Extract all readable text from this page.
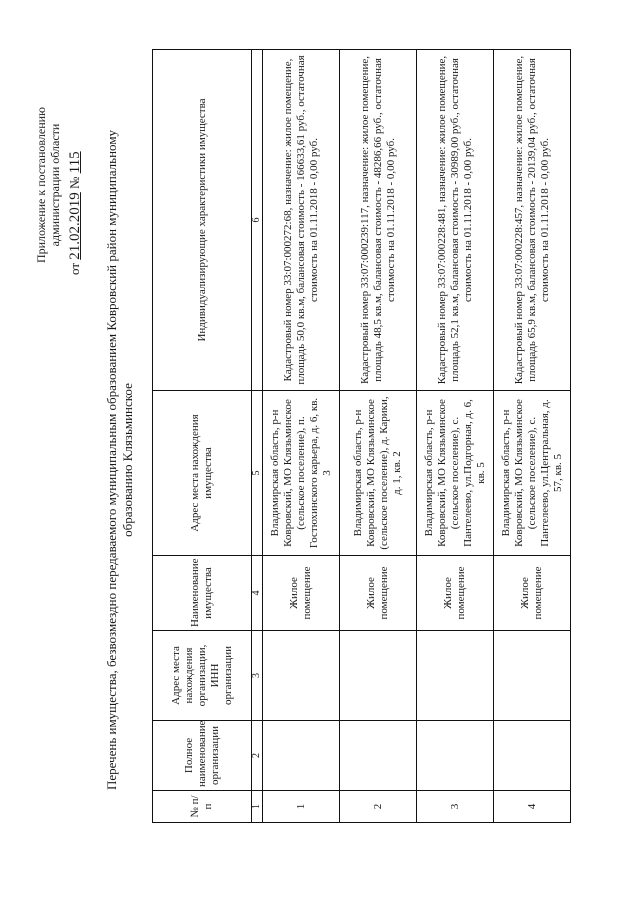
Приложение к постановлению администрации области
от 21.02.2019 № 115 Перечень имущества, безвозмездно передаваемого муниципальным образованием Ковровский район муниципальному образованию Клязьминское
№ п/п	Полное наименование организации	Адрес места нахождения организации, ИНН организации	Наименование имущества	Адрес места нахождения имущества	Индивидуализирующие характеристики имущества
1	2	3	4	5	6
1			Жилое помещение	Владимирская область, р-н Ковровский, МО Клязьминское (сельское поселение), п. Гостюхинского карьера, д. 6, кв. 3	Кадастровый номер 33:07:000272:68, назначение: жилое помещение, площадь 50,0 кв.м, балансовая стоимость - 166633,61 руб., остаточная стоимость на 01.11.2018 - 0,00 руб.
2			Жилое помещение	Владимирская область, р-н Ковровский, МО Клязьминское (сельское поселение), д. Карики, д. 1, кв. 2	Кадастровый номер 33:07:000239:117, назначение: жилое помещение, площадь 48,5 кв.м, балансовая стоимость - 48286,66 руб., остаточная стоимость на 01.11.2018 - 0,00 руб.
3			Жилое помещение	Владимирская область, р-н Ковровский, МО Клязьминское (сельское поселение), с. Пантелеево, ул.Подгорная, д. 6, кв. 5	Кадастровый номер 33:07:000228:481, назначение: жилое помещение, площадь 52,1 кв.м, балансовая стоимость - 30989,00 руб., остаточная стоимость на 01.11.2018 - 0,00 руб.
4			Жилое помещение	Владимирская область, р-н Ковровский, МО Клязьминское (сельское поселение), с. Пантелеево, ул.Центральная, д. 57, кв. 5	Кадастровый номер 33:07:000228:457, назначение: жилое помещение, площадь 65,9 кв.м, балансовая стоимость - 20139,04 руб., остаточная стоимость на 01.11.2018 - 0,00 руб.
